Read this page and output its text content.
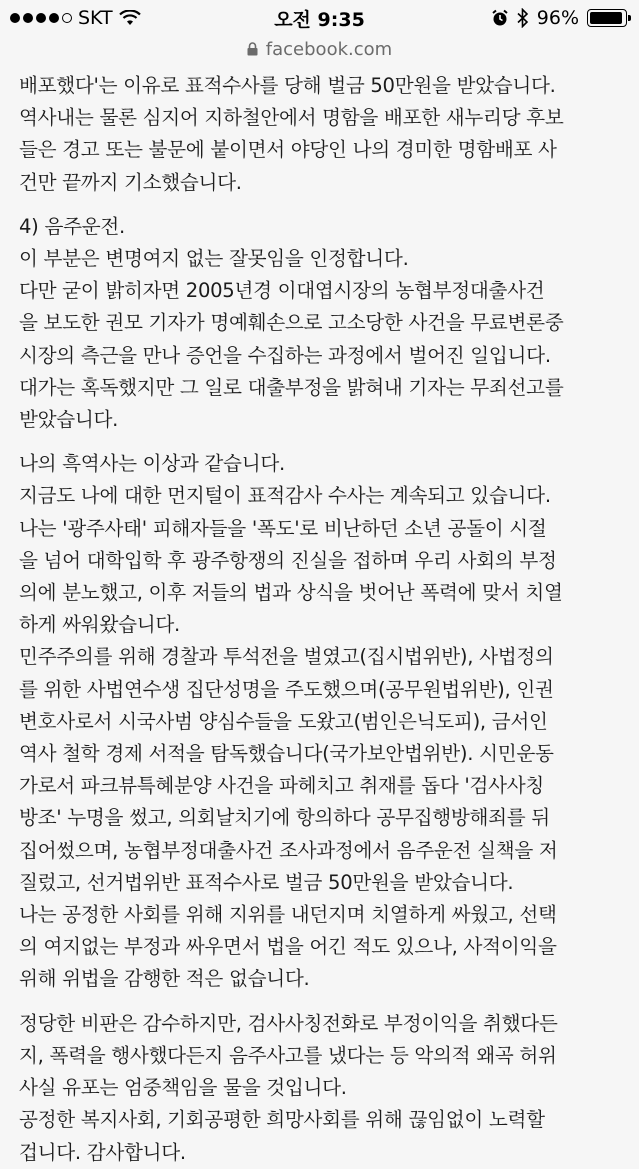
SKT	오전 9:35	96%
facebook.com
배포했다'는 이유로 표적수사를 당해 벌금 50만원을 받았습니다.
역사내는 물론 심지어 지하철안에서 명함을 배포한 새누리당 후보
들은 경고 또는 불문에 붙이면서 야당인 나의 경미한 명함배포 사
건만 끝까지 기소했습니다.
4) 음주운전.
이 부분은 변명여지 없는 잘못임을 인정합니다.
다만 굳이 밝히자면 2005년경 이대엽시장의 농협부정대출사건
을 보도한 권모 기자가 명예훼손으로 고소당한 사건을 무료변론중
시장의 측근을 만나 증언을 수집하는 과정에서 벌어진 일입니다.
대가는 혹독했지만 그 일로 대출부정을 밝혀내 기자는 무죄선고를
받았습니다.
나의 흑역사는 이상과 같습니다.
지금도 나에 대한 먼지털이 표적감사 수사는 계속되고 있습니다.
나는 '광주사태' 피해자들을 '폭도'로 비난하던 소년 공돌이 시절
을 넘어 대학입학 후 광주항쟁의 진실을 접하며 우리 사회의 부정
의에 분노했고, 이후 저들의 법과 상식을 벗어난 폭력에 맞서 치열
하게 싸워왔습니다.
민주주의를 위해 경찰과 투석전을 벌였고(집시법위반), 사법정의
를 위한 사법연수생 집단성명을 주도했으며(공무원법위반), 인권
변호사로서 시국사범 양심수들을 도왔고(범인은닉도피), 금서인
역사 철학 경제 서적을 탐독했습니다(국가보안법위반). 시민운동
가로서 파크뷰특혜분양 사건을 파헤치고 취재를 돕다 '검사사칭
방조' 누명을 썼고, 의회날치기에 항의하다 공무집행방해죄를 뒤
집어썼으며, 농협부정대출사건 조사과정에서 음주운전 실책을 저
질렀고, 선거법위반 표적수사로 벌금 50만원을 받았습니다.
나는 공정한 사회를 위해 지위를 내던지며 치열하게 싸웠고, 선택
의 여지없는 부정과 싸우면서 법을 어긴 적도 있으나, 사적이익을
위해 위법을 감행한 적은 없습니다.
정당한 비판은 감수하지만, 검사사칭전화로 부정이익을 취했다든
지, 폭력을 행사했다든지 음주사고를 냈다는 등 악의적 왜곡 허위
사실 유포는 엄중책임을 물을 것입니다.
공정한 복지사회, 기회공평한 희망사회를 위해 끊임없이 노력할
겁니다. 감사합니다.
